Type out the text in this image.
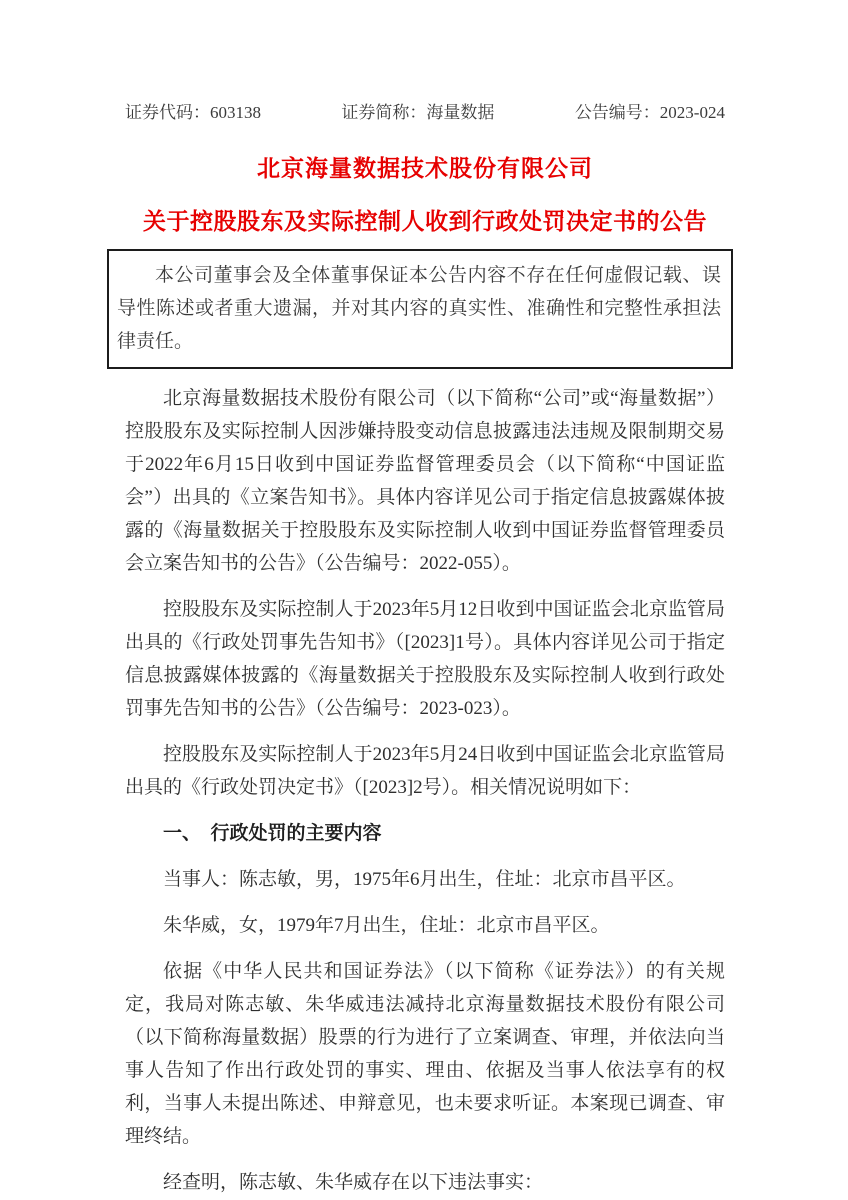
证券代码：603138	证券简称：海量数据	公告编号：2023-024
北京海量数据技术股份有限公司
关于控股股东及实际控制人收到行政处罚决定书的公告
本公司董事会及全体董事保证本公告内容不存在任何虚假记载、误导性陈述或者重大遗漏，并对其内容的真实性、准确性和完整性承担法律责任。

北京海量数据技术股份有限公司（以下简称“公司”或“海量数据”）控股股东及实际控制人因涉嫌持股变动信息披露违法违规及限制期交易于2022年6月15日收到中国证券监督管理委员会（以下简称“中国证监会”）出具的《立案告知书》。具体内容详见公司于指定信息披露媒体披露的《海量数据关于控股股东及实际控制人收到中国证券监督管理委员会立案告知书的公告》（公告编号：2022-055）。

控股股东及实际控制人于2023年5月12日收到中国证监会北京监管局出具的《行政处罚事先告知书》（[2023]1号）。具体内容详见公司于指定信息披露媒体披露的《海量数据关于控股股东及实际控制人收到行政处罚事先告知书的公告》（公告编号：2023-023）。

控股股东及实际控制人于2023年5月24日收到中国证监会北京监管局出具的《行政处罚决定书》（[2023]2号）。相关情况说明如下：

一、　行政处罚的主要内容

当事人：陈志敏，男，1975年6月出生，住址：北京市昌平区。

朱华威，女，1979年7月出生，住址：北京市昌平区。

依据《中华人民共和国证券法》（以下简称《证券法》）的有关规定，我局对陈志敏、朱华威违法减持北京海量数据技术股份有限公司（以下简称海量数据）股票的行为进行了立案调查、审理，并依法向当事人告知了作出行政处罚的事实、理由、依据及当事人依法享有的权利，当事人未提出陈述、申辩意见，也未要求听证。本案现已调查、审理终结。

经查明，陈志敏、朱华威存在以下违法事实：
